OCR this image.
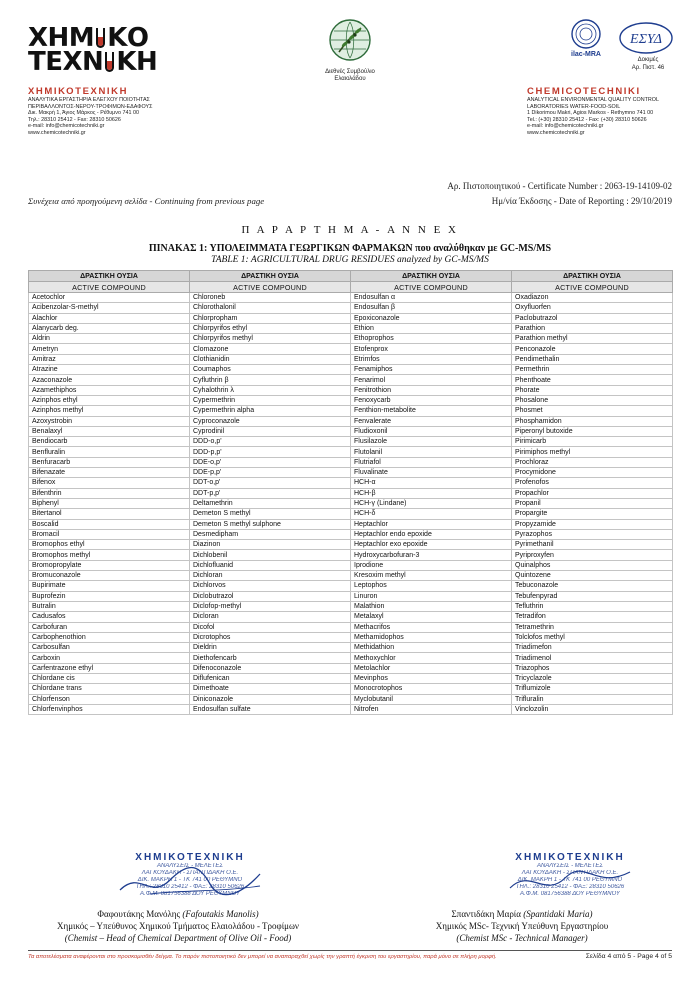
ΧΗΜ ΚΟ
ΤΕΧΝ ΚΗ
ΧΗΜΙΚΟΤΕΧΝΙΚΗ
ΑΝΑΛΥΤΙΚΑ ΕΡΓΑΣΤΗΡΙΑ ΕΛΕΓΧΟΥ ΠΟΙΟΤΗΤΑΣ
ΠΕΡΙΒΑΛΛΟΝΤΟΣ-ΝΕΡΟΥ-ΤΡΟΦΙΜΩΝ-ΕΔΑΦΟΥΣ
Δικ. Μακρή 1, Άγιος Μάρκος - Ρέθυμνο 741 00
Τηλ.: 28310 25412 - Fax: 28310 50626
e-mail: info@chemicotechniki.gr
www.chemicotechniki.gr
Διεθνές Συμβούλιο
Ελαιολάδου
ilac-MRA
ΕΣΥΔ
Δοκιμές
Αρ. Πιστ. 46
CHEMICOTECHNIKI
ANALYTICAL ENVIRONMENTAL QUALITY CONTROL
LABORATORIES WATER-FOOD-SOIL
1 Dikorimou Makri, Agios Markos - Rethymno 741 00
Tel.: (+30) 28310 25412 - Fax: (+30) 28310 50626
e-mail: info@chemicotechniki.gr
www.chemicotechniki.gr
Αρ. Πιστοποιητικού - Certificate Number : 2063-19-14109-02
Ημ/νία Έκδοσης - Date of Reporting : 29/10/2019
Συνέχεια από προηγούμενη σελίδα - Continuing from previous page
Π Α Ρ Α Ρ Τ Η Μ Α - A N N E X
ΠΙΝΑΚΑΣ 1: ΥΠΟΛΕΙΜΜΑΤΑ ΓΕΩΡΓΙΚΩΝ ΦΑΡΜΑΚΩΝ που αναλύθηκαν με GC-MS/MS
TABLE 1: AGRICULTURAL DRUG RESIDUES analyzed by GC-MS/MS
ΔΡΑΣΤΙΚΗ ΟΥΣΙΑ	ΔΡΑΣΤΙΚΗ ΟΥΣΙΑ	ΔΡΑΣΤΙΚΗ ΟΥΣΙΑ	ΔΡΑΣΤΙΚΗ ΟΥΣΙΑ
ACTIVE COMPOUND	ACTIVE COMPOUND	ACTIVE COMPOUND	ACTIVE COMPOUND
Acetochlor	Chloroneb	Endosulfan α	Oxadiazon
Acibenzolar-S-methyl	Chlorothalonil	Endosulfan β	Oxyfluorfen
Alachlor	Chlorpropham	Epoxiconazole	Paclobutrazol
Alanycarb deg.	Chlorpyrifos ethyl	Ethion	Parathion
Aldrin	Chlorpyrifos methyl	Ethoprophos	Parathion methyl
Ametryn	Clomazone	Etofenprox	Penconazole
Amitraz	Clothianidin	Etrimfos	Pendimethalin
Atrazine	Coumaphos	Fenamiphos	Permethrin
Azaconazole	Cyfluthrin β	Fenarimol	Phenthoate
Azamethiphos	Cyhalothrin λ	Fenitrothion	Phorate
Azinphos ethyl	Cypermethrin	Fenoxycarb	Phosalone
Azinphos methyl	Cypermethrin alpha	Fenthion-metabolite	Phosmet
Azoxystrobin	Cyproconazole	Fenvalerate	Phosphamidon
Benalaxyl	Cyprodinil	Fludioxonil	Piperonyl butoxide
Bendiocarb	DDD-o,p'	Flusilazole	Pirimicarb
Benfluralin	DDD-p,p'	Flutolanil	Pirimiphos methyl
Benfuracarb	DDE-o,p'	Flutriafol	Prochloraz
Bifenazate	DDE-p,p'	Fluvalinate	Procymidone
Bifenox	DDT-o,p'	HCH-α	Profenofos
Bifenthrin	DDT-p,p'	HCH-β	Propachlor
Biphenyl	Deltamethrin	HCH-γ (Lindane)	Propanil
Bitertanol	Demeton S methyl	HCH-δ	Propargite
Boscalid	Demeton S methyl sulphone	Heptachlor	Propyzamide
Bromacil	Desmedipham	Heptachlor endo epoxide	Pyrazophos
Bromophos ethyl	Diazinon	Heptachlor exo epoxide	Pyrimethanil
Bromophos methyl	Dichlobenil	Hydroxycarbofuran-3	Pyriproxyfen
Bromopropylate	Dichlofluanid	Iprodione	Quinalphos
Bromuconazole	Dichloran	Kresoxim methyl	Quintozene
Bupirimate	Dichlorvos	Leptophos	Tebuconazole
Buprofezin	Diclobutrazol	Linuron	Tebufenpyrad
Butralin	Diclofop-methyl	Malathion	Tefluthrin
Cadusafos	Dicloran	Metalaxyl	Tetradifon
Carbofuran	Dicofol	Methacrifos	Tetramethrin
Carbophenothion	Dicrotophos	Methamidophos	Tolclofos methyl
Carbosulfan	Dieldrin	Methidathion	Triadimefon
Carboxin	Diethofencarb	Methoxychlor	Triadimenol
Carfentrazone ethyl	Difenoconazole	Metolachlor	Triazophos
Chlordane cis	Diflufenican	Mevinphos	Tricyclazole
Chlordane trans	Dimethoate	Monocrotophos	Triflumizole
Chlorfenson	Diniconazole	Myclobutanil	Trifluralin
Chlorfenvinphos	Endosulfan sulfate	Nitrofen	Vinclozolin
ΧΗΜΙΚΟΤΕΧΝΙΚΗ
ΑΝΑΛΥΣΕΙΣ - ΜΕΛΕΤΕΣ
ΛΑΓΚΟΥΔΑΚΗ - ΣΠΑΝΤΙΔΑΚΗ Ο.Ε.
ΔΙΚ. ΜΑΚΡΗ 1 - ΤΚ 741 00 ΡΕΘΥΜΝΟ
ΤΗΛ.: 28310 25412 - ΦΑΞ: 28310 50626
Α.Φ.Μ. 081756388 ΔΟΥ ΡΕΘΥΜΝΟΥ
Φαφουτάκης Μανόλης (Fafoutakis Manolis)
Χημικός – Υπεύθυνος Χημικού Τμήματος Ελαιολάδου - Τροφίμων
(Chemist – Head of Chemical Department of Olive Oil - Food)
ΧΗΜΙΚΟΤΕΧΝΙΚΗ
ΑΝΑΛΥΣΕΙΣ - ΜΕΛΕΤΕΣ
ΛΑΓΚΟΥΔΑΚΗ - ΣΠΑΝΤΙΔΑΚΗ Ο.Ε.
ΔΙΚ. ΜΑΚΡΗ 1 - ΤΚ 741 00 ΡΕΘΥΜΝΟ
ΤΗΛ.: 28310 25412 - ΦΑΞ: 28310 50626
Α.Φ.Μ. 081756388 ΔΟΥ ΡΕΘΥΜΝΟΥ
Σπαντιδάκη Μαρία (Spantidaki Maria)
Χημικός MSc- Τεχνική Υπεύθυνη Εργαστηρίου
(Chemist MSc - Technical Manager)
Τα αποτελέσματα αναφέρονται στο προσκομισθέν δείγμα. Το παρόν πιστοποιητικό δεν μπορεί να αναπαραχθεί χωρίς την γραπτή έγκριση του εργαστηρίου, παρά μόνο σε πλήρη μορφή.	Σελίδα 4 από 5 - Page 4 of 5
